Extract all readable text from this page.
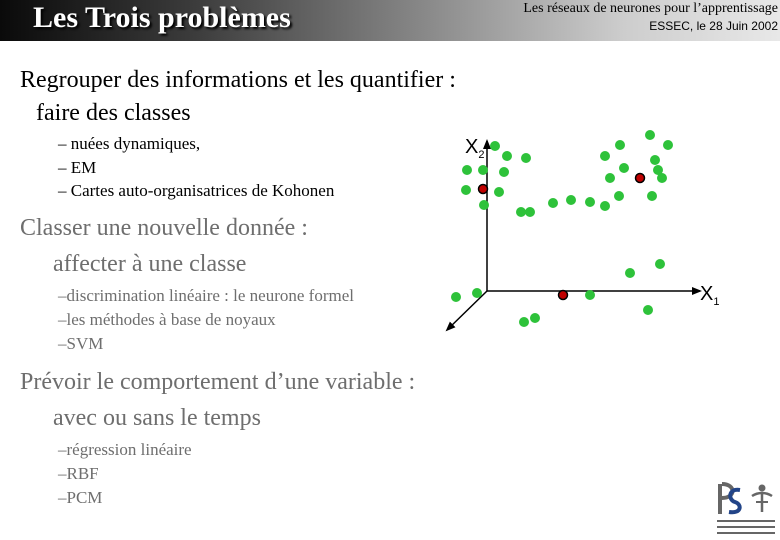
Les Trois problèmes	Les réseaux de neurones pour l’apprentissage
ESSEC, le 28 Juin 2002
Regrouper des informations et les quantifier :
faire des classes
– nuées dynamiques,
– EM
– Cartes auto-organisatrices de Kohonen
Classer une nouvelle donnée :
affecter à une classe
–discrimination linéaire : le neurone formel
–les méthodes à base de noyaux
–SVM
Prévoir le comportement d’une variable :
avec ou sans le temps
–régression linéaire
–RBF
–PCM
$X_2$
$X_1$
